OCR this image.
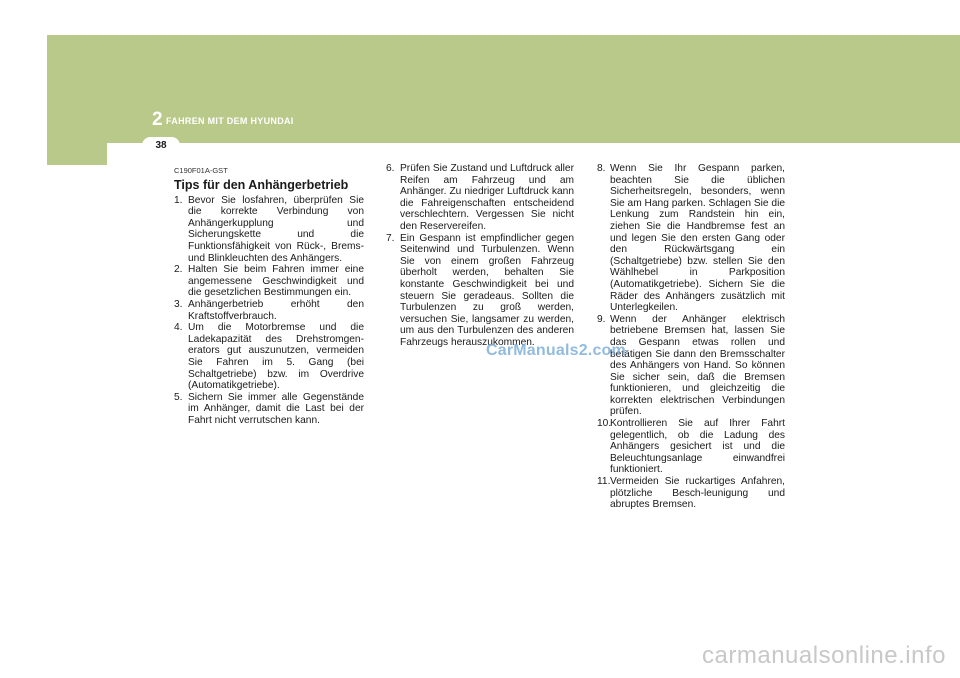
2 FAHREN MIT DEM HYUNDAI
38
C190F01A-GST
Tips für den Anhängerbetrieb
1. Bevor Sie losfahren, überprüfen Sie die korrekte Verbindung von Anhängerkupplung und Sicherungskette und die Funktionsfähigkeit von Rück-, Brems- und Blinkleuchten des Anhängers.
2. Halten Sie beim Fahren immer eine angemessene Geschwindigkeit und die gesetzlichen Bestimmungen ein.
3. Anhängerbetrieb erhöht den Kraftstoffverbrauch.
4. Um die Motorbremse und die Ladekapazität des Drehstromgen-erators gut auszunutzen, vermeiden Sie Fahren im 5. Gang (bei Schaltgetriebe) bzw. im Overdrive (Automatikgetriebe).
5. Sichern Sie immer alle Gegenstände im Anhänger, damit die Last bei der Fahrt nicht verrutschen kann.
6. Prüfen Sie Zustand und Luftdruck aller Reifen am Fahrzeug und am Anhänger. Zu niedriger Luftdruck kann die Fahreigenschaften entscheidend verschlechtern. Vergessen Sie nicht den Reservereifen.
7. Ein Gespann ist empfindlicher gegen Seitenwind und Turbulenzen. Wenn Sie von einem großen Fahrzeug überholt werden, behalten Sie konstante Geschwindigkeit bei und steuern Sie geradeaus. Sollten die Turbulenzen zu groß werden, versuchen Sie, langsamer zu werden, um aus den Turbulenzen des anderen Fahrzeugs herauszukommen.
8. Wenn Sie Ihr Gespann parken, beachten Sie die üblichen Sicherheitsregeln, besonders, wenn Sie am Hang parken. Schlagen Sie die Lenkung zum Randstein hin ein, ziehen Sie die Handbremse fest an und legen Sie den ersten Gang oder den Rückwärtsgang ein (Schaltgetriebe) bzw. stellen Sie den Wählhebel in Parkposition (Automatikgetriebe). Sichern Sie die Räder des Anhängers zusätzlich mit Unterlegkeilen.
9. Wenn der Anhänger elektrisch betriebene Bremsen hat, lassen Sie das Gespann etwas rollen und betätigen Sie dann den Bremsschalter des Anhängers von Hand. So können Sie sicher sein, daß die Bremsen funktionieren, und gleichzeitig die korrekten elektrischen Verbindungen prüfen.
10.
Kontrollieren Sie auf Ihrer Fahrt gelegentlich, ob die Ladung des Anhängers gesichert ist und die Beleuchtungsanlage einwandfrei funktioniert.
11. Vermeiden Sie ruckartiges Anfahren, plötzliche Besch-leunigung und abruptes Bremsen.
CarManuals2.com
carmanualsonline.info
